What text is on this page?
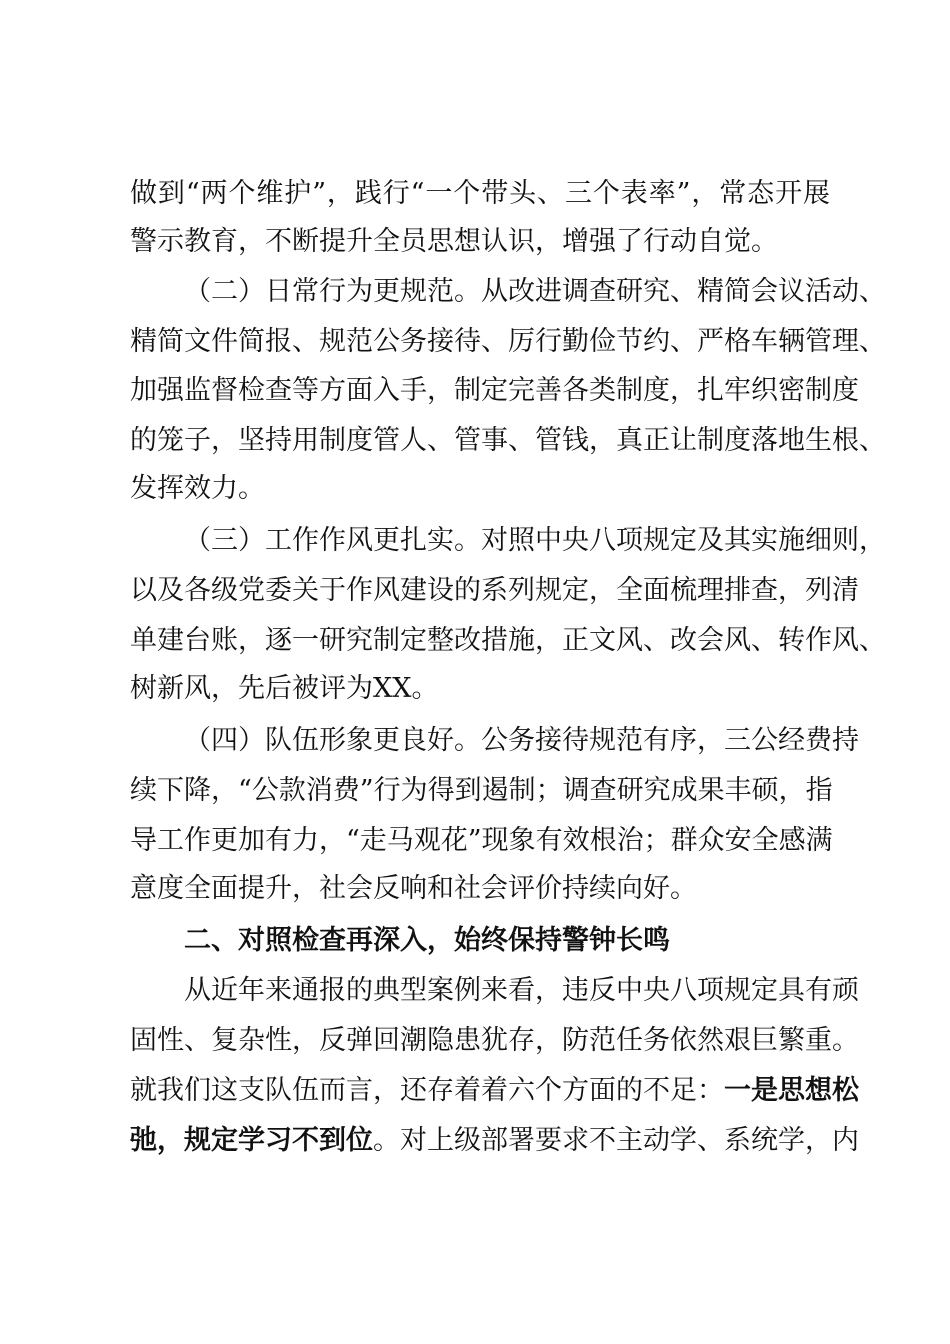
做到“两个维护”，践行“一个带头、三个表率”，常态开展
警示教育，不断提升全员思想认识，增强了行动自觉。
（二）日常行为更规范。从改进调查研究、精简会议活动、
精简文件简报、规范公务接待、厉行勤俭节约、严格车辆管理、
加强监督检查等方面入手，制定完善各类制度，扎牢织密制度
的笼子，坚持用制度管人、管事、管钱，真正让制度落地生根、
发挥效力。
（三）工作作风更扎实。对照中央八项规定及其实施细则，
以及各级党委关于作风建设的系列规定，全面梳理排查，列清
单建台账，逐一研究制定整改措施，正文风、改会风、转作风、
树新风，先后被评为XX。
（四）队伍形象更良好。公务接待规范有序，三公经费持
续下降，“公款消费”行为得到遏制；调查研究成果丰硕，指
导工作更加有力，“走马观花”现象有效根治；群众安全感满
意度全面提升，社会反响和社会评价持续向好。
二、对照检查再深入，始终保持警钟长鸣
从近年来通报的典型案例来看，违反中央八项规定具有顽
固性、复杂性，反弹回潮隐患犹存，防范任务依然艰巨繁重。
就我们这支队伍而言，还存着着六个方面的不足：一是思想松
弛，规定学习不到位。对上级部署要求不主动学、系统学，内
